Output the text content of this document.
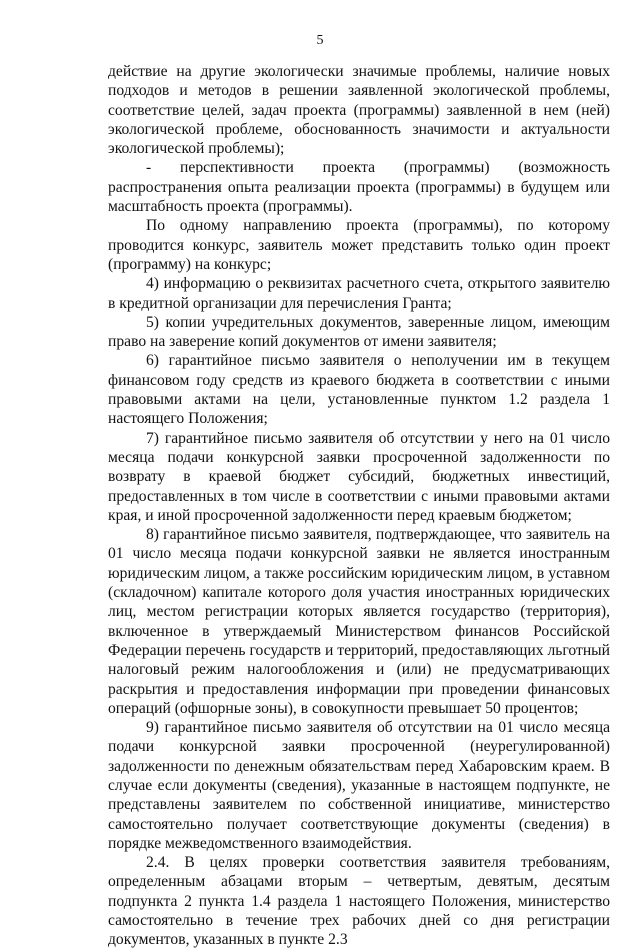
5

действие на другие экологически значимые проблемы, наличие новых подходов и методов в решении заявленной экологической проблемы, соответствие целей, задач проекта (программы) заявленной в нем (ней) экологической проблеме, обоснованность значимости и актуальности экологической проблемы);

- перспективности проекта (программы) (возможность распространения опыта реализации проекта (программы) в будущем или масштабность проекта (программы).

По одному направлению проекта (программы), по которому проводится конкурс, заявитель может представить только один проект (программу) на конкурс;

4) информацию о реквизитах расчетного счета, открытого заявителю в кредитной организации для перечисления Гранта;

5) копии учредительных документов, заверенные лицом, имеющим право на заверение копий документов от имени заявителя;

6) гарантийное письмо заявителя о неполучении им в текущем финансовом году средств из краевого бюджета в соответствии с иными правовыми актами на цели, установленные пунктом 1.2 раздела 1 настоящего Положения;

7) гарантийное письмо заявителя об отсутствии у него на 01 число месяца подачи конкурсной заявки просроченной задолженности по возврату в краевой бюджет субсидий, бюджетных инвестиций, предоставленных в том числе в соответствии с иными правовыми актами края, и иной просроченной задолженности перед краевым бюджетом;

8) гарантийное письмо заявителя, подтверждающее, что заявитель на 01 число месяца подачи конкурсной заявки не является иностранным юридическим лицом, а также российским юридическим лицом, в уставном (складочном) капитале которого доля участия иностранных юридических лиц, местом регистрации которых является государство (территория), включенное в утверждаемый Министерством финансов Российской Федерации перечень государств и территорий, предоставляющих льготный налоговый режим налогообложения и (или) не предусматривающих раскрытия и предоставления информации при проведении финансовых операций (офшорные зоны), в совокупности превышает 50 процентов;

9) гарантийное письмо заявителя об отсутствии на 01 число месяца подачи конкурсной заявки просроченной (неурегулированной) задолженности по денежным обязательствам перед Хабаровским краем. В случае если документы (сведения), указанные в настоящем подпункте, не представлены заявителем по собственной инициативе, министерство самостоятельно получает соответствующие документы (сведения) в порядке межведомственного взаимодействия.

2.4. В целях проверки соответствия заявителя требованиям, определенным абзацами вторым – четвертым, девятым, десятым подпункта 2 пункта 1.4 раздела 1 настоящего Положения, министерство самостоятельно в течение трех рабочих дней со дня регистрации документов, указанных в пункте 2.3
